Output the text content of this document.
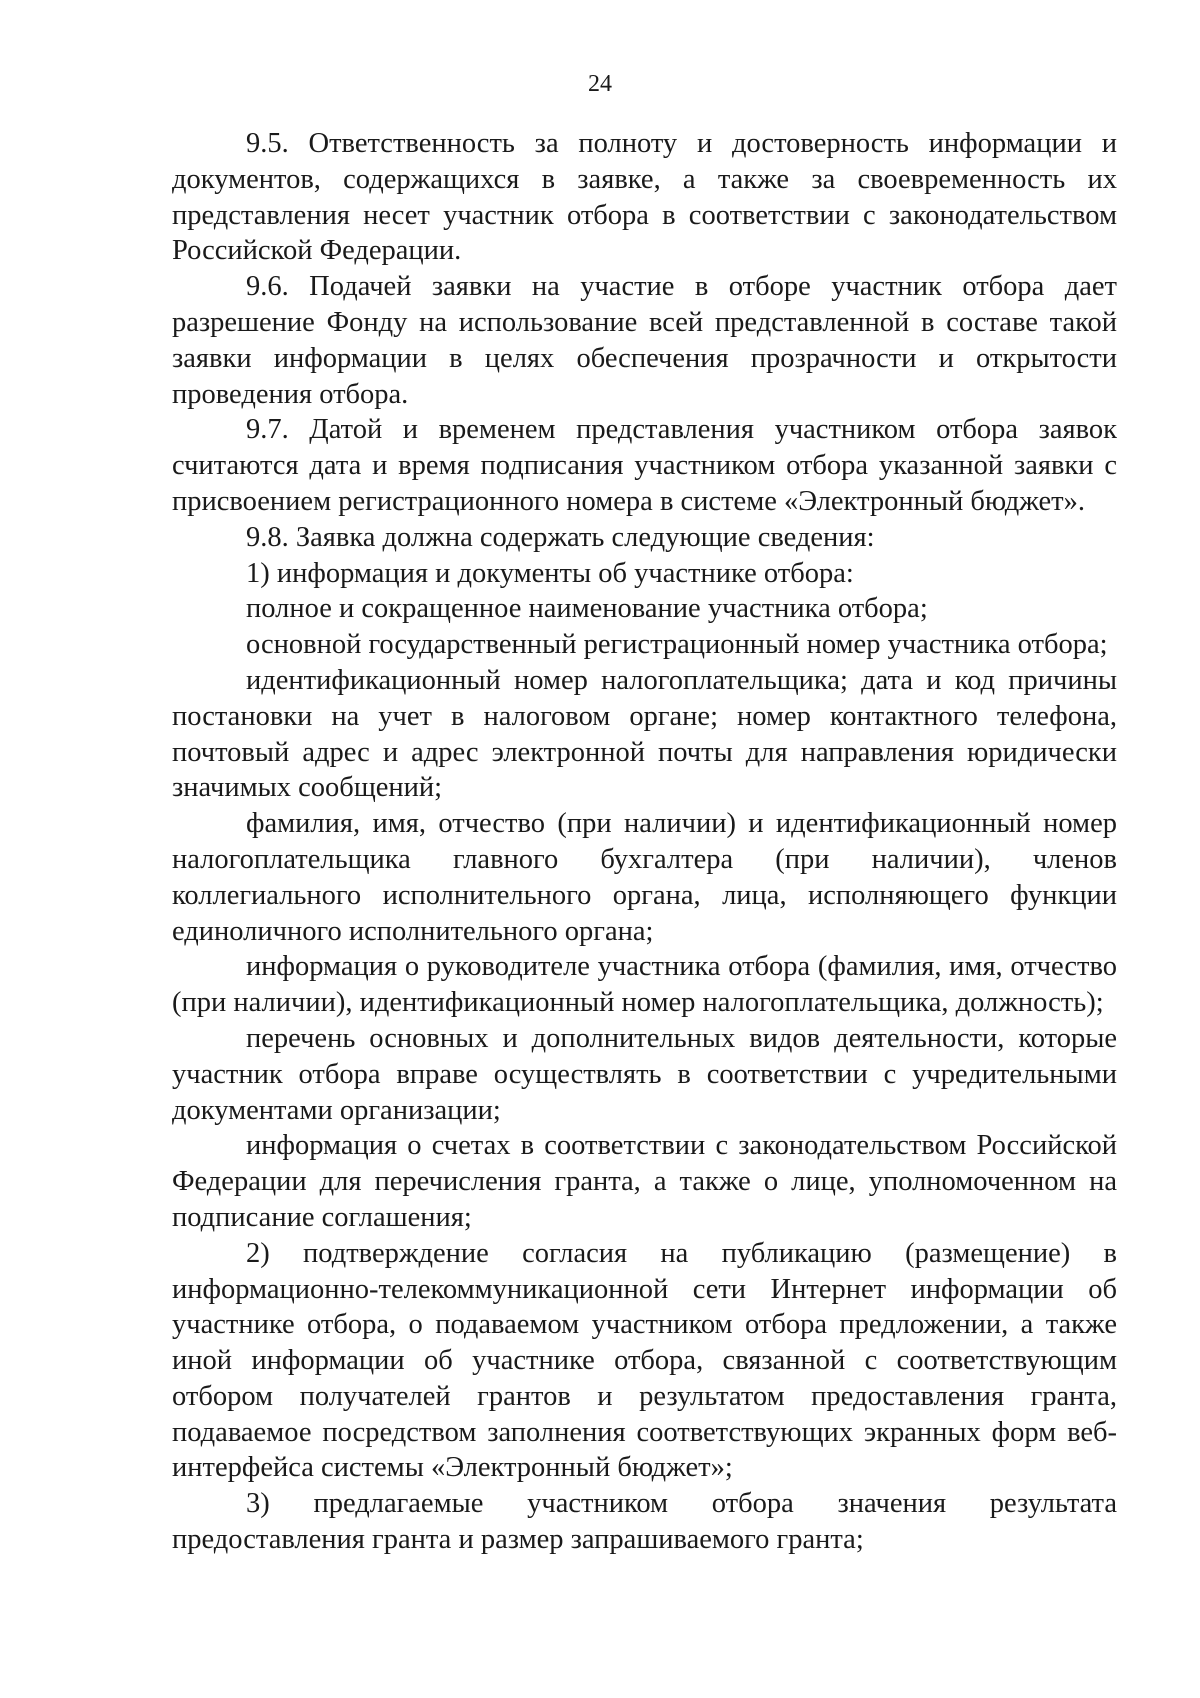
24

9.5. Ответственность за полноту и достоверность информации и документов, содержащихся в заявке, а также за своевременность их представления несет участник отбора в соответствии с законодательством Российской Федерации.

9.6. Подачей заявки на участие в отборе участник отбора дает разрешение Фонду на использование всей представленной в составе такой заявки информации в целях обеспечения прозрачности и открытости проведения отбора.

9.7. Датой и временем представления участником отбора заявок считаются дата и время подписания участником отбора указанной заявки с присвоением регистрационного номера в системе «Электронный бюджет».

9.8. Заявка должна содержать следующие сведения:

1) информация и документы об участнике отбора:

полное и сокращенное наименование участника отбора;

основной государственный регистрационный номер участника отбора;

идентификационный номер налогоплательщика; дата и код причины постановки на учет в налоговом органе; номер контактного телефона, почтовый адрес и адрес электронной почты для направления юридически значимых сообщений;

фамилия, имя, отчество (при наличии) и идентификационный номер налогоплательщика главного бухгалтера (при наличии), членов коллегиального исполнительного органа, лица, исполняющего функции единоличного исполнительного органа;

информация о руководителе участника отбора (фамилия, имя, отчество (при наличии), идентификационный номер налогоплательщика, должность);

перечень основных и дополнительных видов деятельности, которые участник отбора вправе осуществлять в соответствии с учредительными документами организации;

информация о счетах в соответствии с законодательством Российской Федерации для перечисления гранта, а также о лице, уполномоченном на подписание соглашения;

2) подтверждение согласия на публикацию (размещение) в информационно-телекоммуникационной сети Интернет информации об участнике отбора, о подаваемом участником отбора предложении, а также иной информации об участнике отбора, связанной с соответствующим отбором получателей грантов и результатом предоставления гранта, подаваемое посредством заполнения соответствующих экранных форм веб-интерфейса системы «Электронный бюджет»;

3) предлагаемые участником отбора значения результата предоставления гранта и размер запрашиваемого гранта;
